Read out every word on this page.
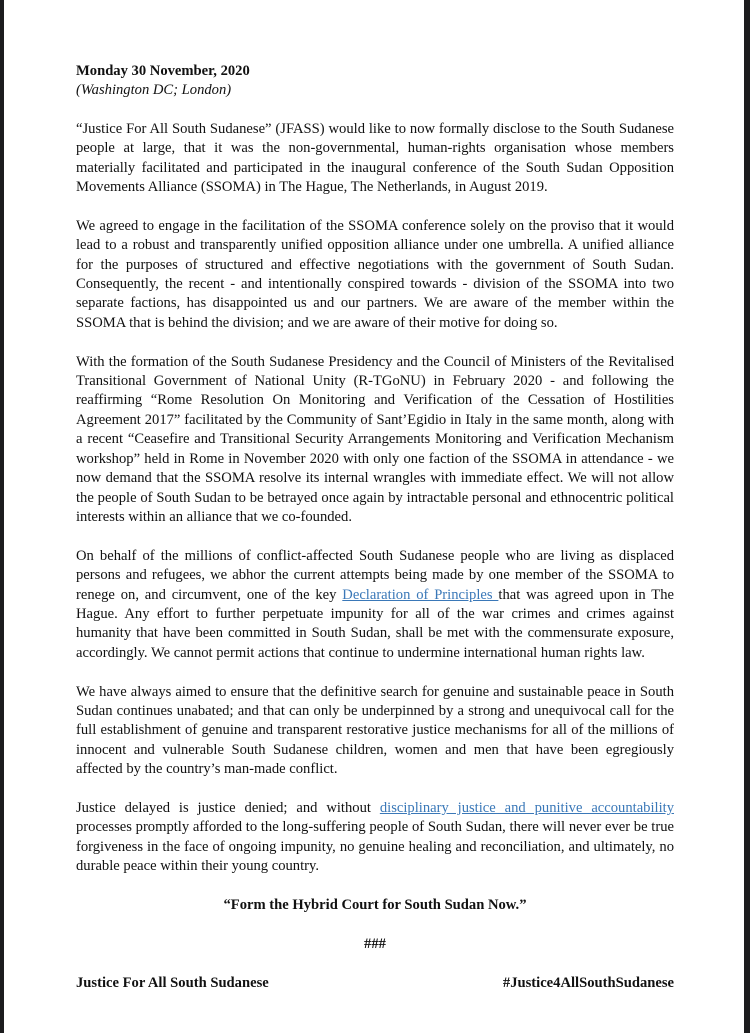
Monday 30 November, 2020

(Washington DC; London)

“Justice For All South Sudanese” (JFASS) would like to now formally disclose to the South Sudanese people at large, that it was the non-governmental, human-rights organisation whose members materially facilitated and participated in the inaugural conference of the South Sudan Opposition Movements Alliance (SSOMA) in The Hague, The Netherlands, in August 2019.

We agreed to engage in the facilitation of the SSOMA conference solely on the proviso that it would lead to a robust and transparently unified opposition alliance under one umbrella. A unified alliance for the purposes of structured and effective negotiations with the government of South Sudan. Consequently, the recent - and intentionally conspired towards - division of the SSOMA into two separate factions, has disappointed us and our partners. We are aware of the member within the SSOMA that is behind the division; and we are aware of their motive for doing so.

With the formation of the South Sudanese Presidency and the Council of Ministers of the Revitalised Transitional Government of National Unity (R-TGoNU) in February 2020 - and following the reaffirming “Rome Resolution On Monitoring and Verification of the Cessation of Hostilities Agreement 2017” facilitated by the Community of Sant’Egidio in Italy in the same month, along with a recent “Ceasefire and Transitional Security Arrangements Monitoring and Verification Mechanism workshop” held in Rome in November 2020 with only one faction of the SSOMA in attendance - we now demand that the SSOMA resolve its internal wrangles with immediate effect. We will not allow the people of South Sudan to be betrayed once again by intractable personal and ethnocentric political interests within an alliance that we co-founded.

On behalf of the millions of conflict-affected South Sudanese people who are living as displaced persons and refugees, we abhor the current attempts being made by one member of the SSOMA to renege on, and circumvent, one of the key Declaration of Principles that was agreed upon in The Hague. Any effort to further perpetuate impunity for all of the war crimes and crimes against humanity that have been committed in South Sudan, shall be met with the commensurate exposure, accordingly. We cannot permit actions that continue to undermine international human rights law.

We have always aimed to ensure that the definitive search for genuine and sustainable peace in South Sudan continues unabated; and that can only be underpinned by a strong and unequivocal call for the full establishment of genuine and transparent restorative justice mechanisms for all of the millions of innocent and vulnerable South Sudanese children, women and men that have been egregiously affected by the country’s man-made conflict.

Justice delayed is justice denied; and without disciplinary justice and punitive accountability processes promptly afforded to the long-suffering people of South Sudan, there will never ever be true forgiveness in the face of ongoing impunity, no genuine healing and reconciliation, and ultimately, no durable peace within their young country.

“Form the Hybrid Court for South Sudan Now.”

###

Justice For All South Sudanese	#Justice4AllSouthSudanese
